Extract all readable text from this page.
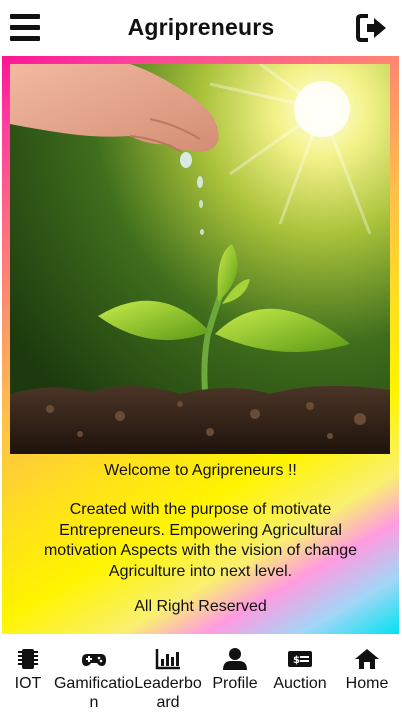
Agripreneurs
Welcome to Agripreneurs !!
Created with the purpose of motivate Entrepreneurs. Empowering Agricultural motivation Aspects with the vision of change Agriculture into next level.
All Right Reserved
IOT Gamification
Leaderboard
Profile
$
Auction	Home
